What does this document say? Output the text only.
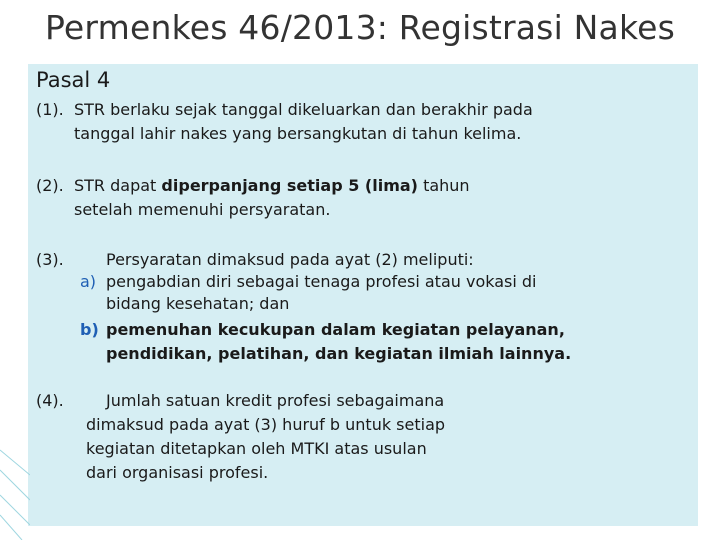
Permenkes 46/2013: Registrasi Nakes
Pasal 4
(1). STR berlaku sejak tanggal dikeluarkan dan berakhir pada
tanggal lahir nakes yang bersangkutan di tahun kelima.
(2). STR dapat diperpanjang setiap 5 (lima) tahun
setelah memenuhi persyaratan.
(3).	Persyaratan dimaksud pada ayat (2) meliputi:
a) pengabdian diri sebagai tenaga profesi atau vokasi di
bidang kesehatan; dan
b) pemenuhan kecukupan dalam kegiatan pelayanan,
pendidikan, pelatihan, dan kegiatan ilmiah lainnya.
(4).	Jumlah satuan kredit profesi sebagaimana
dimaksud pada ayat (3) huruf b untuk setiap
kegiatan ditetapkan oleh MTKI atas usulan
dari organisasi profesi.
